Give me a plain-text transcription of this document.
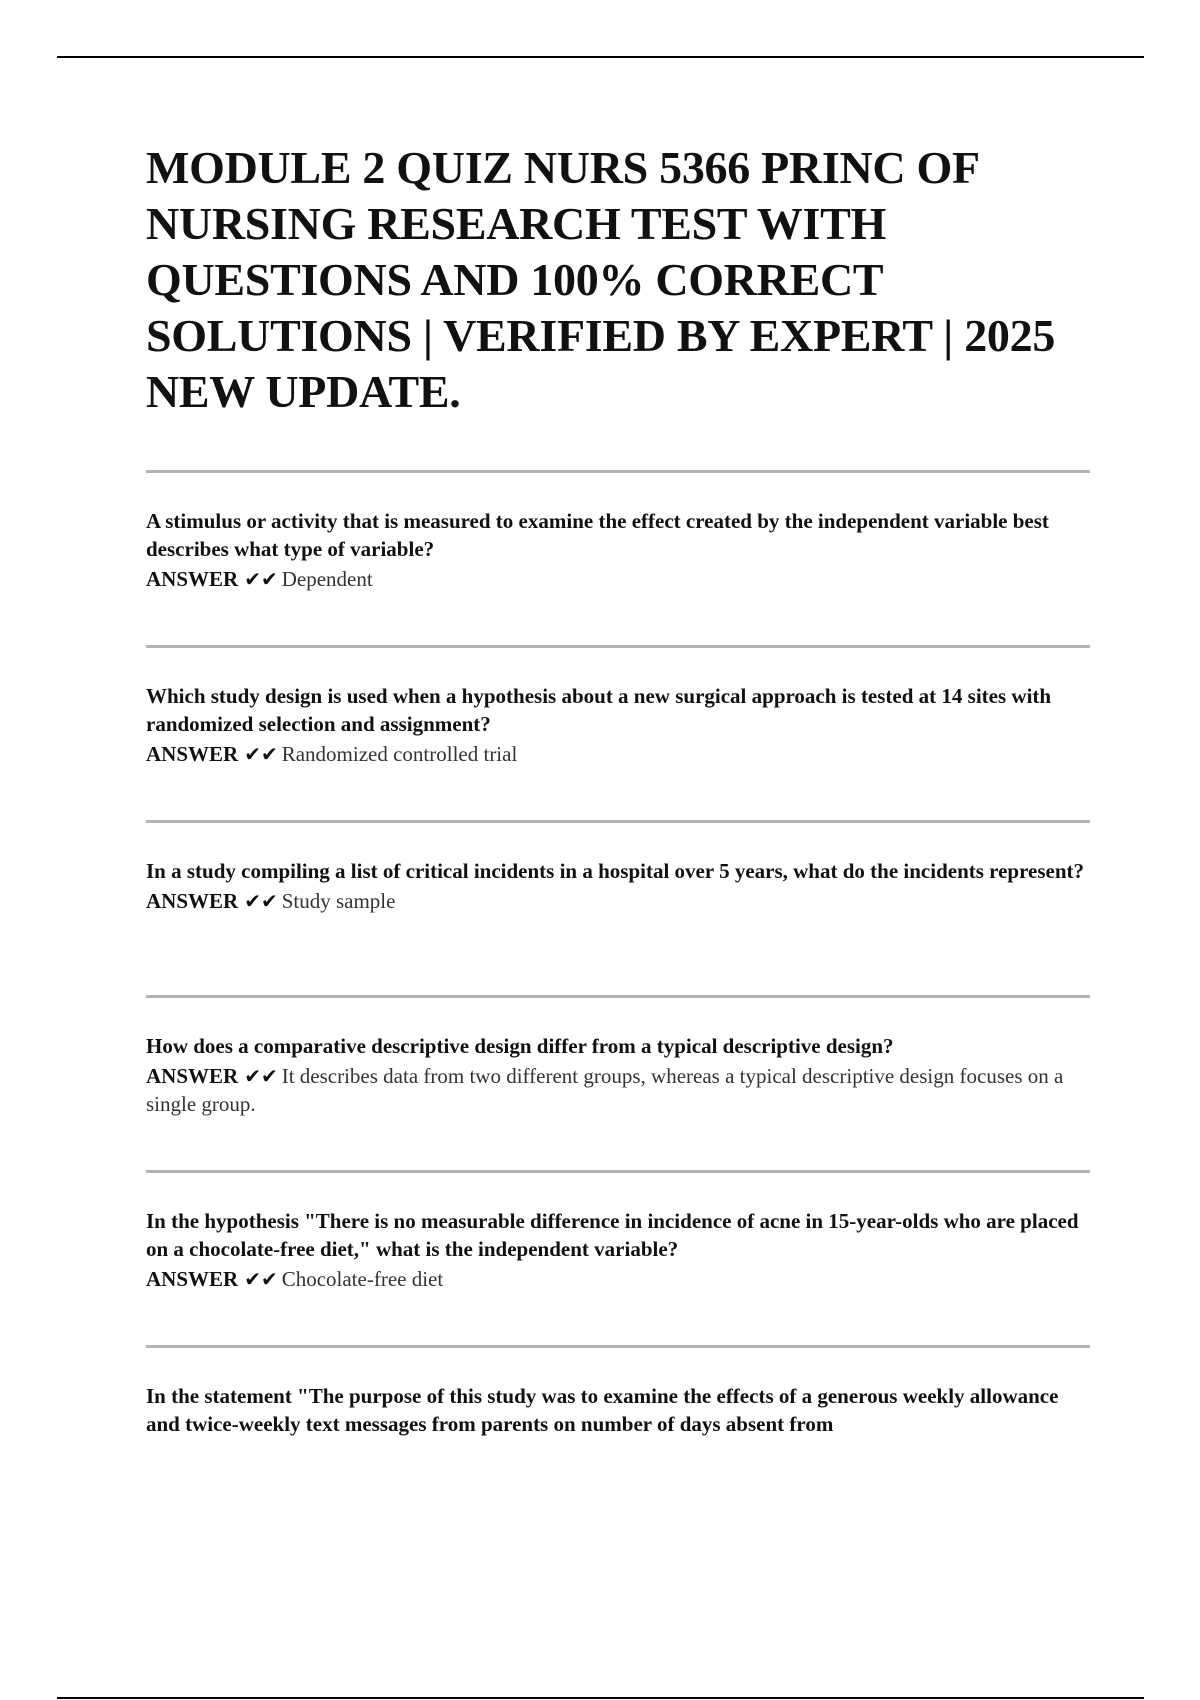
MODULE 2 QUIZ NURS 5366 PRINC OF NURSING RESEARCH TEST WITH QUESTIONS AND 100% CORRECT SOLUTIONS | VERIFIED BY EXPERT | 2025 NEW UPDATE.

A stimulus or activity that is measured to examine the effect created by the independent variable best describes what type of variable?

ANSWER ✔✔ Dependent

Which study design is used when a hypothesis about a new surgical approach is tested at 14 sites with randomized selection and assignment?

ANSWER ✔✔ Randomized controlled trial

In a study compiling a list of critical incidents in a hospital over 5 years, what do the incidents represent?

ANSWER ✔✔ Study sample

How does a comparative descriptive design differ from a typical descriptive design?

ANSWER ✔✔ It describes data from two different groups, whereas a typical descriptive design focuses on a single group.

In the hypothesis "There is no measurable difference in incidence of acne in 15-year-olds who are placed on a chocolate-free diet," what is the independent variable?

ANSWER ✔✔ Chocolate-free diet

In the statement "The purpose of this study was to examine the effects of a generous weekly allowance and twice-weekly text messages from parents on number of days absent from
